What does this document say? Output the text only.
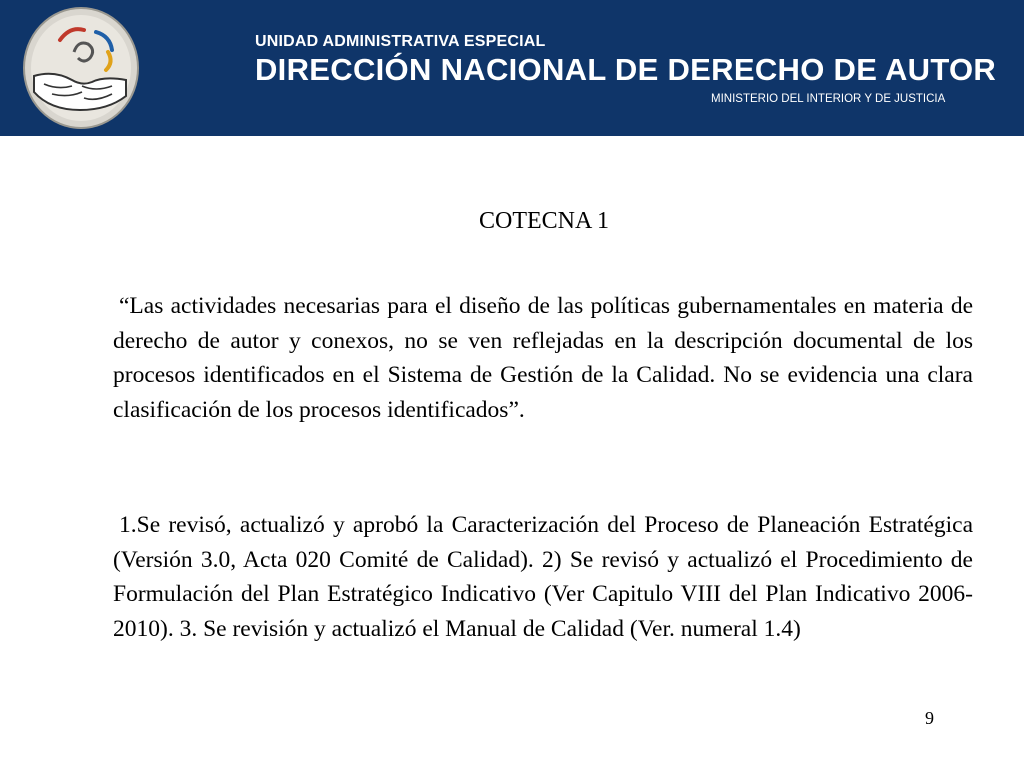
UNIDAD ADMINISTRATIVA ESPECIAL
DIRECCIÓN NACIONAL DE DERECHO DE AUTOR
MINISTERIO DEL INTERIOR Y DE JUSTICIA
COTECNA 1

“Las actividades necesarias para el diseño de las políticas gubernamentales en materia de derecho de autor y conexos, no se ven reflejadas en la descripción documental de los procesos identificados en el Sistema de Gestión de la Calidad. No se evidencia una clara clasificación de los procesos identificados”.

1.Se revisó, actualizó y aprobó la Caracterización del Proceso de Planeación Estratégica (Versión 3.0, Acta 020 Comité de Calidad). 2) Se revisó y actualizó el Procedimiento de Formulación del Plan Estratégico Indicativo (Ver Capitulo VIII del Plan Indicativo 2006-2010). 3. Se revisión y actualizó el Manual de Calidad (Ver. numeral 1.4)

9
